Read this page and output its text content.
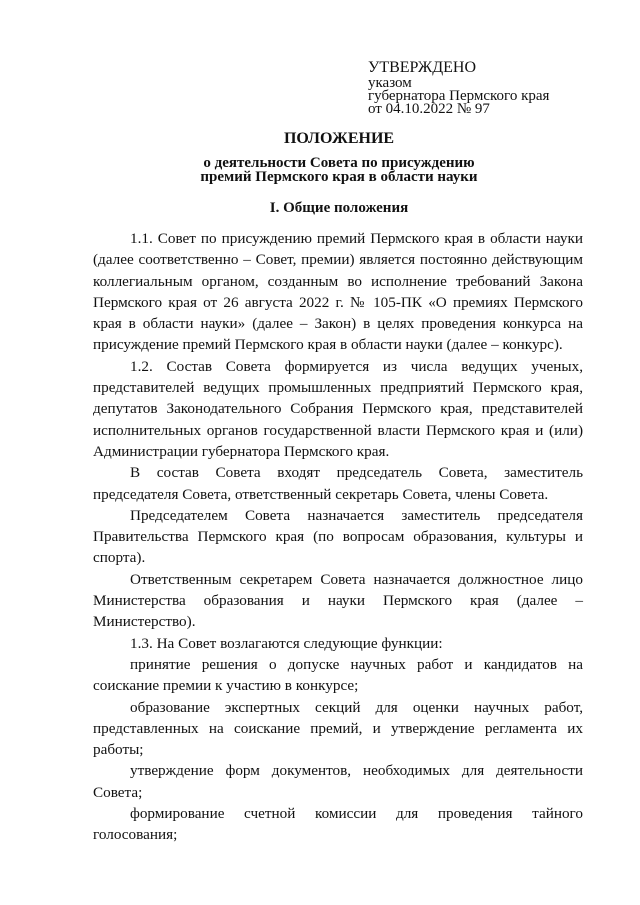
УТВЕРЖДЕНО
указом
губернатора Пермского края
от 04.10.2022 № 97
ПОЛОЖЕНИЕ
о деятельности Совета по присуждению
премий Пермского края в области науки
I. Общие положения

1.1. Совет по присуждению премий Пермского края в области науки (далее соответственно – Совет, премии) является постоянно действующим коллегиальным органом, созданным во исполнение требований Закона Пермского края от 26 августа 2022 г. № 105-ПК «О премиях Пермского края в области науки» (далее – Закон) в целях проведения конкурса на присуждение премий Пермского края в области науки (далее – конкурс).

1.2. Состав Совета формируется из числа ведущих ученых, представителей ведущих промышленных предприятий Пермского края, депутатов Законодательного Собрания Пермского края, представителей исполнительных органов государственной власти Пермского края и (или) Администрации губернатора Пермского края.

В состав Совета входят председатель Совета, заместитель председателя Совета, ответственный секретарь Совета, члены Совета.

Председателем Совета назначается заместитель председателя Правительства Пермского края (по вопросам образования, культуры и спорта).

Ответственным секретарем Совета назначается должностное лицо Министерства образования и науки Пермского края (далее – Министерство).

1.3. На Совет возлагаются следующие функции:

принятие решения о допуске научных работ и кандидатов на соискание премии к участию в конкурсе;

образование экспертных секций для оценки научных работ, представленных на соискание премий, и утверждение регламента их работы;

утверждение форм документов, необходимых для деятельности Совета;

формирование счетной комиссии для проведения тайного голосования;
